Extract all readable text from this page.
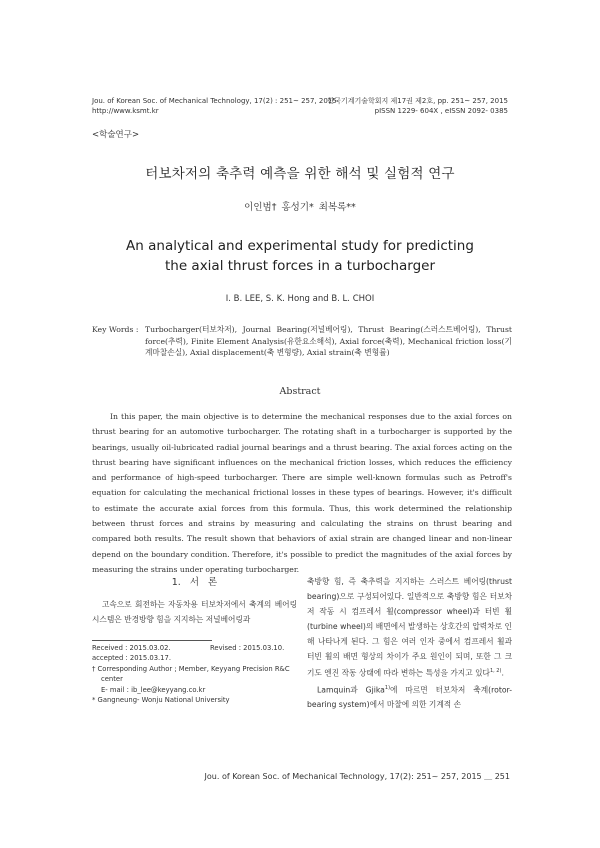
Jou. of Korean Soc. of Mechanical Technology, 17(2) : 251~ 257, 2015
http://www.ksmt.kr
한국기계기술학회지 제17권 제2호, pp. 251~ 257, 2015
pISSN 1229- 604X , eISSN 2092- 0385
<학술연구>
터보차저의 축추력 예측을 위한 해석 및 실험적 연구
이인범† 홍성기* 최복록**
An analytical and experimental study for predicting
the axial thrust forces in a turbocharger
I. B. LEE, S. K. Hong and B. L. CHOI
Key Words : Turbocharger(터보차저), Journal Bearing(저널베어링), Thrust Bearing(스러스트베어링), Thrust force(추력), Finite Element Analysis(유한요소해석), Axial force(축력), Mechanical friction loss(기계마찰손실), Axial displacement(축 변형량), Axial strain(축 변형률)
Abstract
In this paper, the main objective is to determine the mechanical responses due to the axial forces on thrust bearing for an automotive turbocharger. The rotating shaft in a turbocharger is supported by the bearings, usually oil-lubricated radial journal bearings and a thrust bearing. The axial forces acting on the thrust bearing have significant influences on the mechanical friction losses, which reduces the efficiency and performance of high-speed turbocharger. There are simple well-known formulas such as Petroff's equation for calculating the mechanical frictional losses in these types of bearings. However, it's difficult to estimate the accurate axial forces from this formula. Thus, this work determined the relationship between thrust forces and strains by measuring and calculating the strains on thrust bearing and compared both results. The result shown that behaviors of axial strain are changed linear and non-linear depend on the boundary condition. Therefore, it's possible to predict the magnitudes of the axial forces by measuring the strains under operating turbocharger.
1. 서 론
고속으로 회전하는 자동차용 터보차저에서 축계의 베어링 시스템은 반경방향 힘을 지지하는 저널베어링과
Received : 2015.03.02.	Revised : 2015.03.10.
accepted : 2015.03.17.
† Corresponding Author ; Member, Keyyang Precision R&C center
E- mail : ib_lee@keyyang.co.kr
* Gangneung- Wonju National University

축방향 힘, 즉 축추력을 지지하는 스러스트 베어링(thrust bearing)으로 구성되어있다. 일반적으로 축방향 힘은 터보차저 작동 시 컴프레서 휠(compressor wheel)과 터빈 휠(turbine wheel)의 배면에서 발생하는 상호간의 압력차로 인해 나타나게 된다. 그 힘은 여러 인자 중에서 컴프레서 휠과 터빈 휠의 배면 형상의 차이가 주요 원인이 되며, 또한 그 크기도 엔진 작동 상태에 따라 변하는 특성을 가지고 있다$^{1, 2)}$.

Lamquin과 Gjika$^{1)}$에 따르면 터보차저 축계(rotor- bearing system)에서 마찰에 의한 기계적 손

Jou. of Korean Soc. of Mechanical Technology, 17(2): 251~ 257, 2015 ＿ 251
